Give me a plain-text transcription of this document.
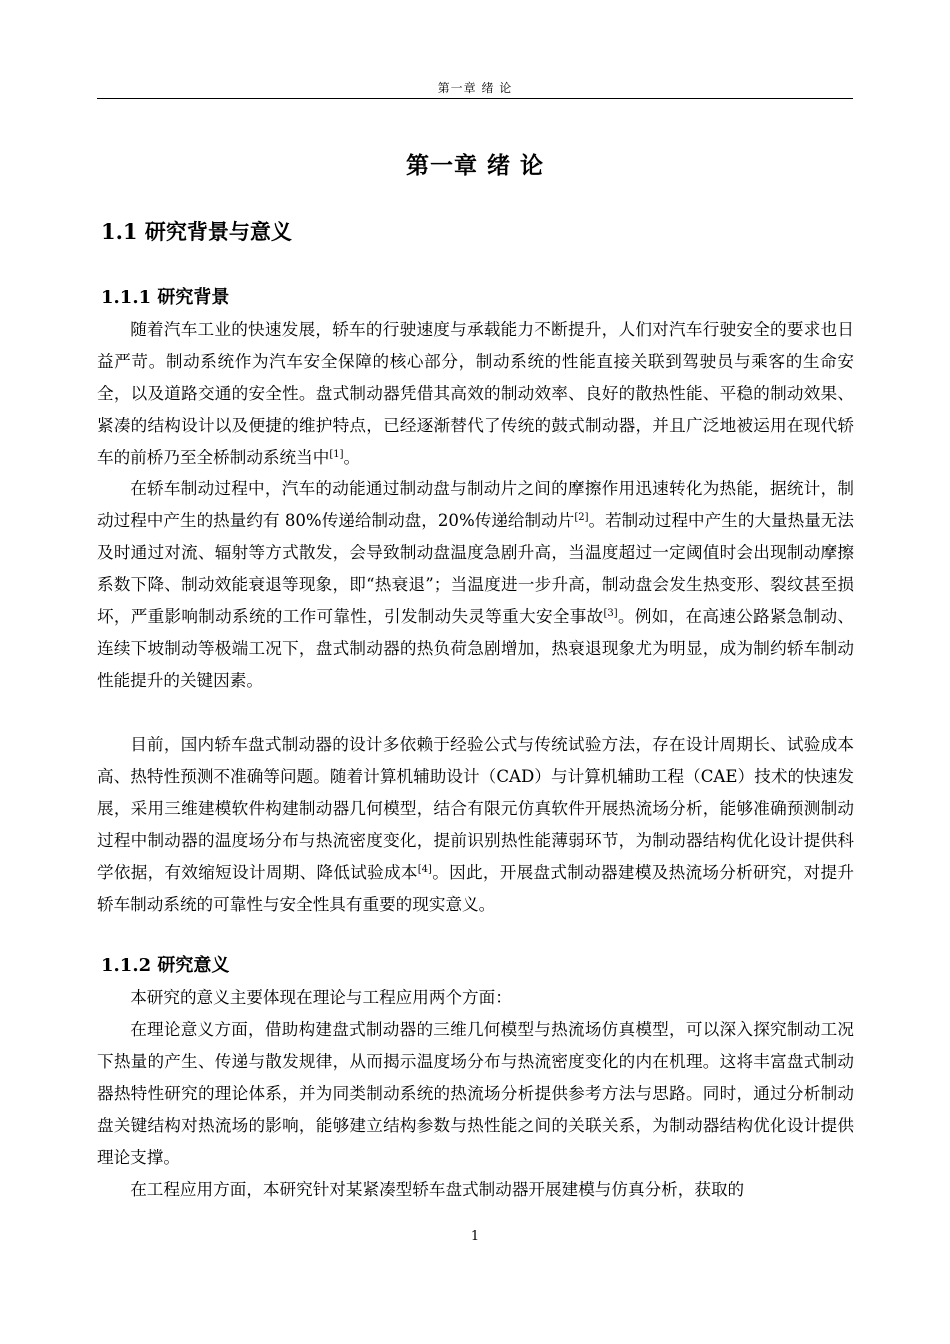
第一章 绪 论
第一章 绪 论
1.1 研究背景与意义
1.1.1 研究背景

随着汽车工业的快速发展，轿车的行驶速度与承载能力不断提升，人们对汽车行驶安全的要求也日益严苛。制动系统作为汽车安全保障的核心部分，制动系统的性能直接关联到驾驶员与乘客的生命安全，以及道路交通的安全性。盘式制动器凭借其高效的制动效率、良好的散热性能、平稳的制动效果、紧凑的结构设计以及便捷的维护特点，已经逐渐替代了传统的鼓式制动器，并且广泛地被运用在现代轿车的前桥乃至全桥制动系统当中[1]。

在轿车制动过程中，汽车的动能通过制动盘与制动片之间的摩擦作用迅速转化为热能，据统计，制动过程中产生的热量约有 80%传递给制动盘，20%传递给制动片[2]。若制动过程中产生的大量热量无法及时通过对流、辐射等方式散发，会导致制动盘温度急剧升高，当温度超过一定阈值时会出现制动摩擦系数下降、制动效能衰退等现象，即“热衰退”；当温度进一步升高，制动盘会发生热变形、裂纹甚至损坏，严重影响制动系统的工作可靠性，引发制动失灵等重大安全事故[3]。例如，在高速公路紧急制动、连续下坡制动等极端工况下，盘式制动器的热负荷急剧增加，热衰退现象尤为明显，成为制约轿车制动性能提升的关键因素。

目前，国内轿车盘式制动器的设计多依赖于经验公式与传统试验方法，存在设计周期长、试验成本高、热特性预测不准确等问题。随着计算机辅助设计（CAD）与计算机辅助工程（CAE）技术的快速发展，采用三维建模软件构建制动器几何模型，结合有限元仿真软件开展热流场分析，能够准确预测制动过程中制动器的温度场分布与热流密度变化，提前识别热性能薄弱环节，为制动器结构优化设计提供科学依据，有效缩短设计周期、降低试验成本[4]。因此，开展盘式制动器建模及热流场分析研究，对提升轿车制动系统的可靠性与安全性具有重要的现实意义。

1.1.2 研究意义

本研究的意义主要体现在理论与工程应用两个方面：

在理论意义方面，借助构建盘式制动器的三维几何模型与热流场仿真模型，可以深入探究制动工况下热量的产生、传递与散发规律，从而揭示温度场分布与热流密度变化的内在机理。这将丰富盘式制动器热特性研究的理论体系，并为同类制动系统的热流场分析提供参考方法与思路。同时，通过分析制动盘关键结构对热流场的影响，能够建立结构参数与热性能之间的关联关系，为制动器结构优化设计提供理论支撑。

在工程应用方面，本研究针对某紧凑型轿车盘式制动器开展建模与仿真分析，获取的

1
